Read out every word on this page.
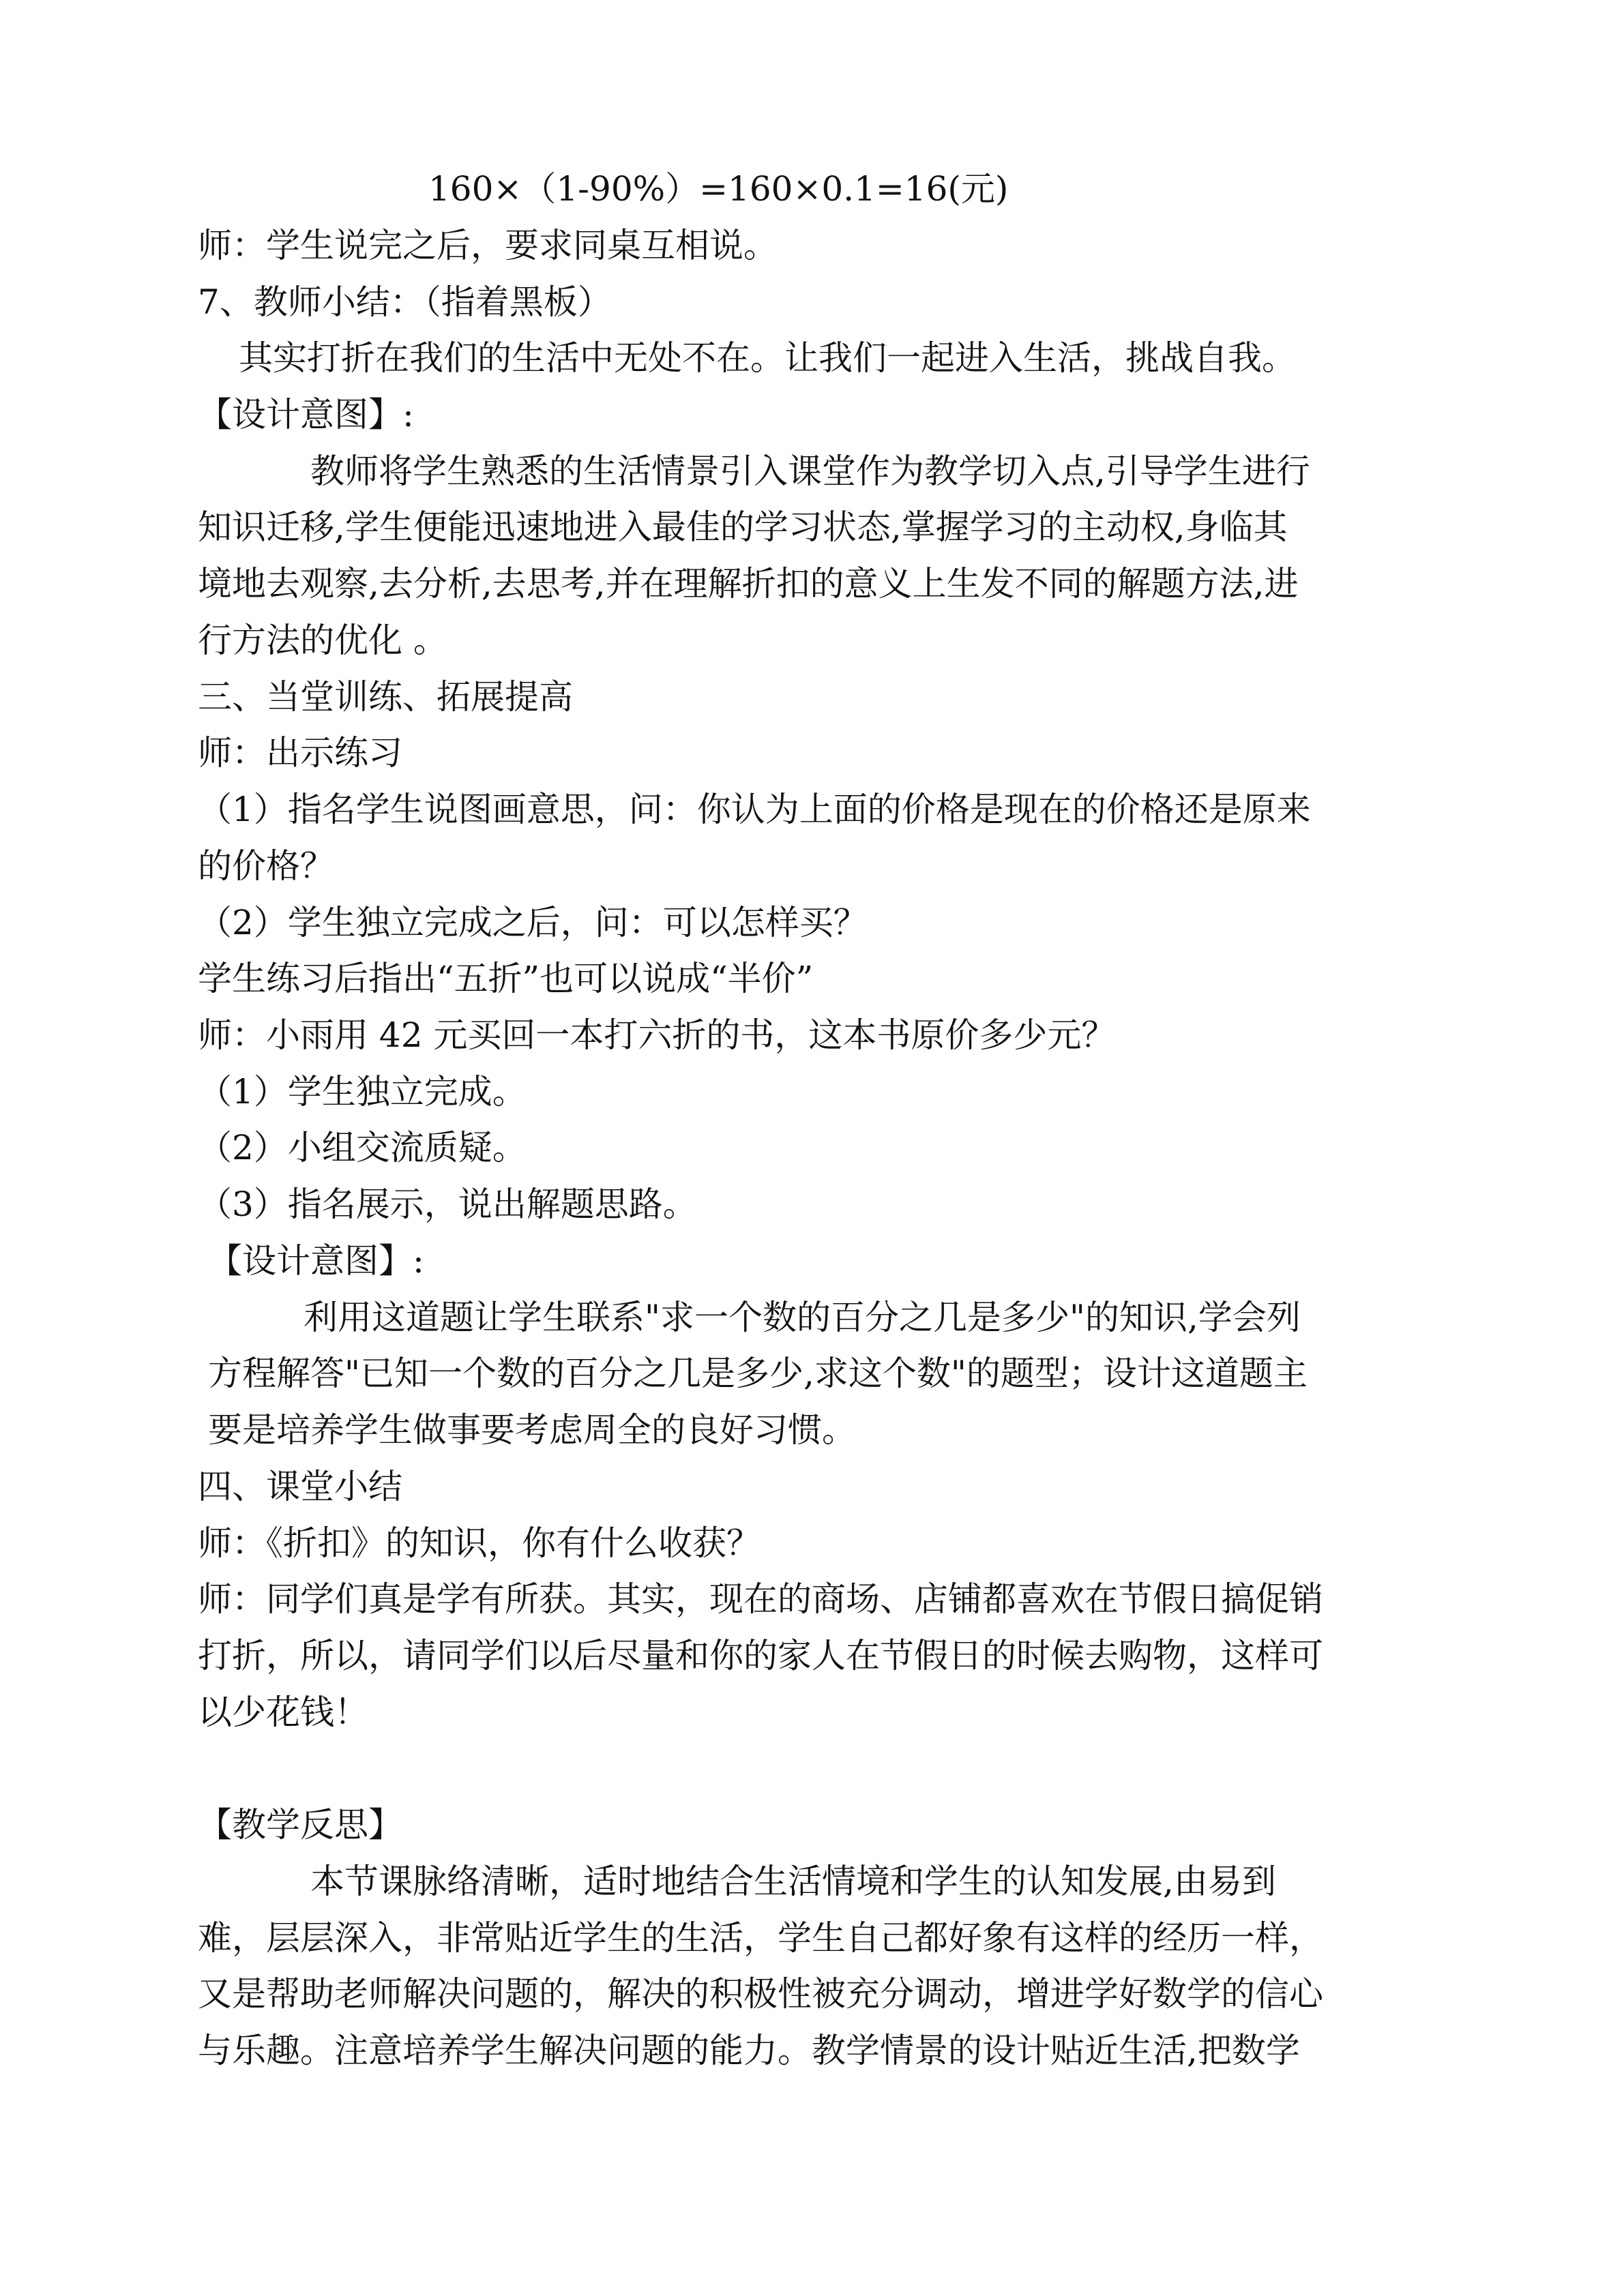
160×（1-90%）=160×0.1=16(元)
师：学生说完之后，要求同桌互相说。
7、教师小结：（指着黑板）
其实打折在我们的生活中无处不在。让我们一起进入生活，挑战自我。
【设计意图】:
教师将学生熟悉的生活情景引入课堂作为教学切入点,引导学生进行
知识迁移,学生便能迅速地进入最佳的学习状态,掌握学习的主动权,身临其
境地去观察,去分析,去思考,并在理解折扣的意义上生发不同的解题方法,进
行方法的优化 。
三、当堂训练、拓展提高
师：出示练习
（1）指名学生说图画意思，问：你认为上面的价格是现在的价格还是原来
的价格？
（2）学生独立完成之后，问：可以怎样买？
学生练习后指出“五折”也可以说成“半价”
师：小雨用 42 元买回一本打六折的书，这本书原价多少元？
（1）学生独立完成。
（2）小组交流质疑。
（3）指名展示，说出解题思路。
【设计意图】:
利用这道题让学生联系"求一个数的百分之几是多少"的知识,学会列
方程解答"已知一个数的百分之几是多少,求这个数"的题型；设计这道题主
要是培养学生做事要考虑周全的良好习惯。
四、课堂小结
师：《折扣》的知识，你有什么收获？
师：同学们真是学有所获。其实，现在的商场、店铺都喜欢在节假日搞促销
打折，所以，请同学们以后尽量和你的家人在节假日的时候去购物，这样可
以少花钱！
【教学反思】
本节课脉络清晰，适时地结合生活情境和学生的认知发展,由易到
难，层层深入，非常贴近学生的生活，学生自己都好象有这样的经历一样，
又是帮助老师解决问题的，解决的积极性被充分调动，增进学好数学的信心
与乐趣。注意培养学生解决问题的能力。教学情景的设计贴近生活,把数学
